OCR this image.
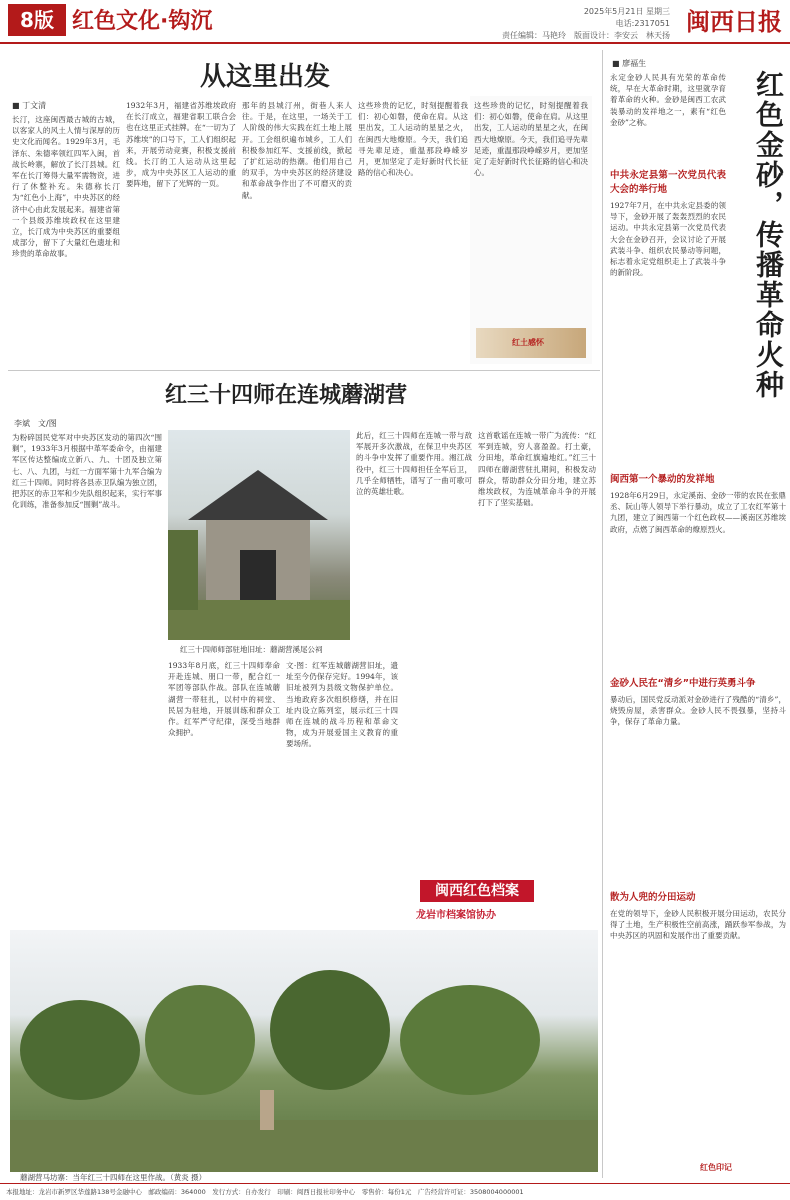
8版 红色文化·钩沉	2025年5月21日 星期三
电话:2317051
责任编辑：马艳玲　版面设计：李安云　林天扬 闽西日报
从这里出发
■ 丁文清
长汀，这座闽西最古城的古城，以客家人的风土人情与深厚的历史文化而闻名。1929年3月，毛泽东、朱德率领红四军入闽，首战长岭寨，解放了长汀县城。红军在长汀筹得大量军需物资，进行了休整补充。朱德称长汀为“红色小上海”，中央苏区的经济中心由此发展起来。福建省第一个县级苏维埃政权在这里建立，长汀成为中央苏区的重要组成部分，留下了大量红色遗址和珍贵的革命故事。
1932年3月，福建省苏维埃政府在长汀成立，福建省职工联合会也在这里正式挂牌。在“一切为了苏维埃”的口号下，工人们组织起来，开展劳动竞赛，积极支援前线。长汀的工人运动从这里起步，成为中央苏区工人运动的重要阵地，留下了光辉的一页。
那年的县城汀州，街巷人来人往。于是，在这里，一场关于工人阶级的伟大实践在红土地上展开。工会组织遍布城乡，工人们积极参加红军、支援前线，掀起了扩红运动的热潮。他们用自己的双手，为中央苏区的经济建设和革命战争作出了不可磨灭的贡献。
这些珍贵的记忆，时刻提醒着我们：初心如磐，使命在肩。从这里出发，工人运动的星星之火，在闽西大地燎原。今天，我们追寻先辈足迹，重温那段峥嵘岁月，更加坚定了走好新时代长征路的信心和决心。
这些珍贵的记忆，时刻提醒着我们：初心如磐，使命在肩。从这里出发，工人运动的星星之火，在闽西大地燎原。今天，我们追寻先辈足迹，重温那段峥嵘岁月，更加坚定了走好新时代长征路的信心和决心。
红土感怀
红三十四师在连城蘑湖营
李斌　文/图
为粉碎国民党军对中央苏区发动的第四次“围剿”，1933年3月根据中革军委命令，由福建军区传达整编成立新八、九、十团及独立第七、八、九团，与红一方面军第十九军合编为红三十四师。同时将各县赤卫队编为独立团，把苏区的赤卫军和少先队组织起来，实行军事化训练，准备参加反“围剿”战斗。
红三十四师师部驻地旧址：蘑湖营溪尾公祠
1933年8月底，红三十四师奉命开赴连城、朋口一带，配合红一军团等部队作战。部队在连城蘑湖营一带驻扎，以村中的祠堂、民居为驻地，开展训练和群众工作。红军严守纪律，深受当地群众拥护。
文·图：红军连城蘑湖营旧址，遗址至今仍保存完好。1994年，该旧址被列为县级文物保护单位。当地政府多次组织修缮，并在旧址内设立陈列室，展示红三十四师在连城的战斗历程和革命文物，成为开展爱国主义教育的重要场所。
此后，红三十四师在连城一带与敌军展开多次激战，在保卫中央苏区的斗争中发挥了重要作用。湘江战役中，红三十四师担任全军后卫，几乎全师牺牲，谱写了一曲可歌可泣的英雄壮歌。
这首歌谣在连城一带广为流传：“红军到连城，穷人喜盈盈。打土豪，分田地，革命红旗遍地红。”红三十四师在蘑湖营驻扎期间，积极发动群众，帮助群众分田分地，建立苏维埃政权，为连城革命斗争的开展打下了坚实基础。
闽西红色档案
龙岩市档案馆协办
蘑湖营马坊寨：当年红三十四师在这里作战。（黄炎 摄）
红色金砂，传播革命火种
■ 廖福生
永定金砂人民具有光荣的革命传统，早在大革命时期，这里就孕育着革命的火种。金砂是闽西工农武装暴动的发祥地之一，素有“红色金砂”之称。
中共永定县第一次党员代表大会的举行地
1927年7月，在中共永定县委的领导下，金砂开展了轰轰烈烈的农民运动。中共永定县第一次党员代表大会在金砂召开，会议讨论了开展武装斗争、组织农民暴动等问题，标志着永定党组织走上了武装斗争的新阶段。
闽西第一个暴动的发祥地
1928年6月29日，永定溪南、金砂一带的农民在张鼎丞、阮山等人领导下举行暴动，成立了工农红军第十九团，建立了闽西第一个红色政权——溪南区苏维埃政府，点燃了闽西革命的燎原烈火。
金砂人民在“清乡”中进行英勇斗争
暴动后，国民党反动派对金砂进行了残酷的“清乡”，烧毁房屋，杀害群众。金砂人民不畏强暴，坚持斗争，保存了革命力量。
散为人兜的分田运动
在党的领导下，金砂人民积极开展分田运动，农民分得了土地，生产积极性空前高涨，踊跃参军参战，为中央苏区的巩固和发展作出了重要贡献。
红色印记
本报地址：龙岩市新罗区华莲路138号金融中心　邮政编码：364000　发行方式：自办发行　印刷：闽西日报社印务中心　零售价：每份1元　广告经营许可证：3508004000001
